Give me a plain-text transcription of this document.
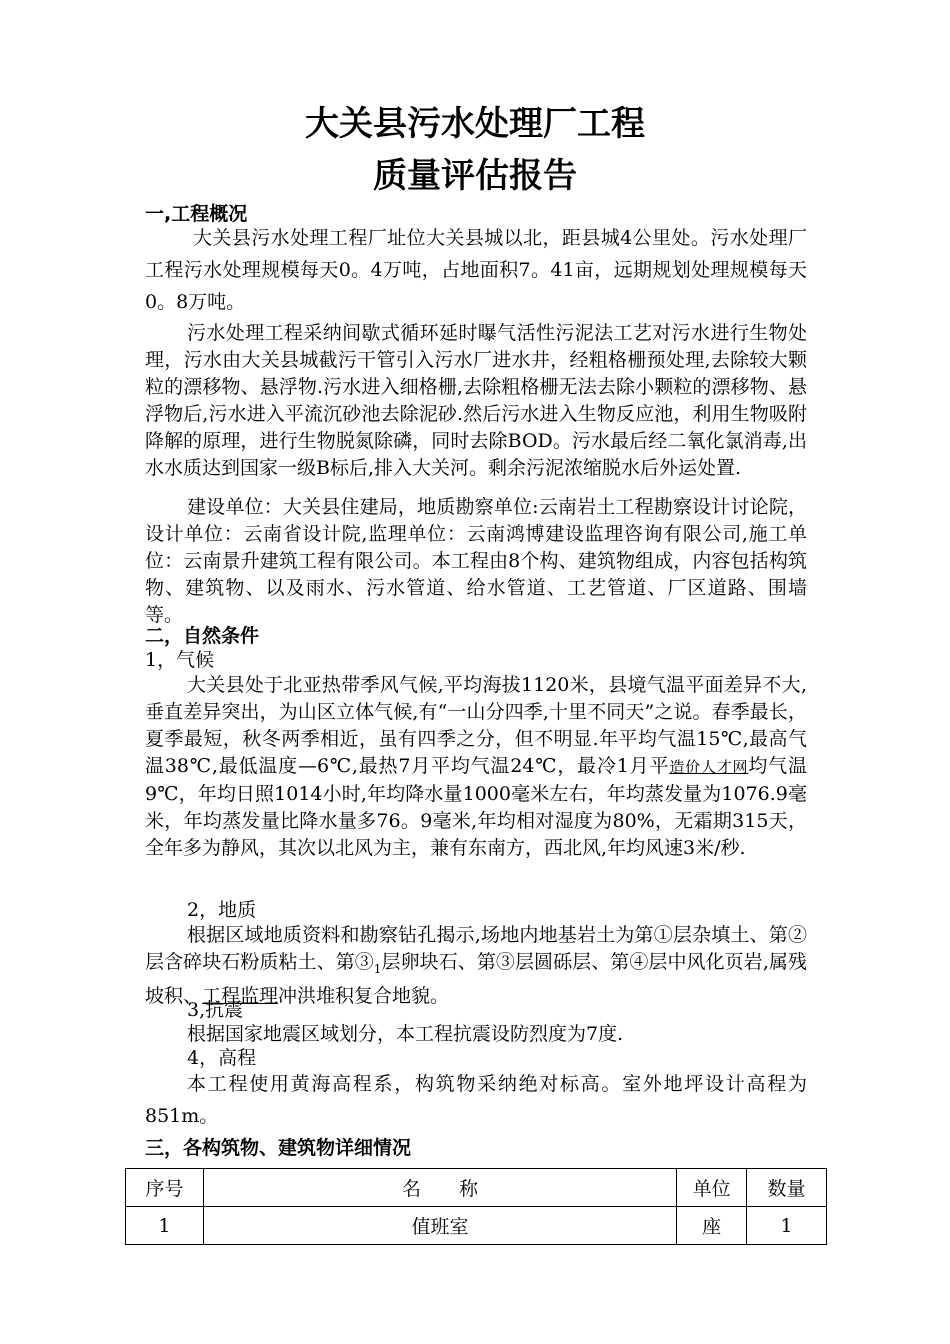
大关县污水处理厂工程
质量评估报告
一,工程概况
大关县污水处理工程厂址位大关县城以北，距县城4公里处。污水处理厂工程污水处理规模每天0。4万吨，占地面积7。41亩，远期规划处理规模每天0。8万吨。
污水处理工程采纳间歇式循环延时曝气活性污泥法工艺对污水进行生物处理，污水由大关县城截污干管引入污水厂进水井，经粗格栅预处理,去除较大颗粒的漂移物、悬浮物.污水进入细格栅,去除粗格栅无法去除小颗粒的漂移物、悬浮物后,污水进入平流沉砂池去除泥砂.然后污水进入生物反应池，利用生物吸附降解的原理，进行生物脱氮除磷，同时去除BOD。污水最后经二氧化氯消毒,出水水质达到国家一级B标后,排入大关河。剩余污泥浓缩脱水后外运处置.
建设单位：大关县住建局，地质勘察单位:云南岩土工程勘察设计讨论院，设计单位：云南省设计院,监理单位：云南鸿博建设监理咨询有限公司,施工单位：云南景升建筑工程有限公司。本工程由8个构、建筑物组成，内容包括构筑物、建筑物、以及雨水、污水管道、给水管道、工艺管道、厂区道路、围墙等。
二，自然条件
1，气候
大关县处于北亚热带季风气候,平均海拔1120米，县境气温平面差异不大,垂直差异突出，为山区立体气候,有“一山分四季,十里不同天”之说。春季最长，夏季最短，秋冬两季相近，虽有四季之分，但不明显.年平均气温15℃,最高气温38℃,最低温度—6℃,最热7月平均气温24℃，最冷1月平造价人才网均气温9℃，年均日照1014小时,年均降水量1000毫米左右，年均蒸发量为1076.9毫米，年均蒸发量比降水量多76。9毫米,年均相对湿度为80%，无霜期315天，全年多为静风，其次以北风为主，兼有东南方，西北风,年均风速3米/秒.
2，地质
根据区域地质资料和勘察钻孔揭示,场地内地基岩土为第①层杂填土、第②层含碎块石粉质粘土、第$③_1$层卵块石、第③层圆砾层、第④层中风化页岩,属残坡积、工程监理冲洪堆积复合地貌。
3,抗震
根据国家地震区域划分，本工程抗震设防烈度为7度.
4，高程
本工程使用黄海高程系，构筑物采纳绝对标高。室外地坪设计高程为851m。
三，各构筑物、建筑物详细情况
序号	名　　称	单位	数量
1	值班室	座	1
